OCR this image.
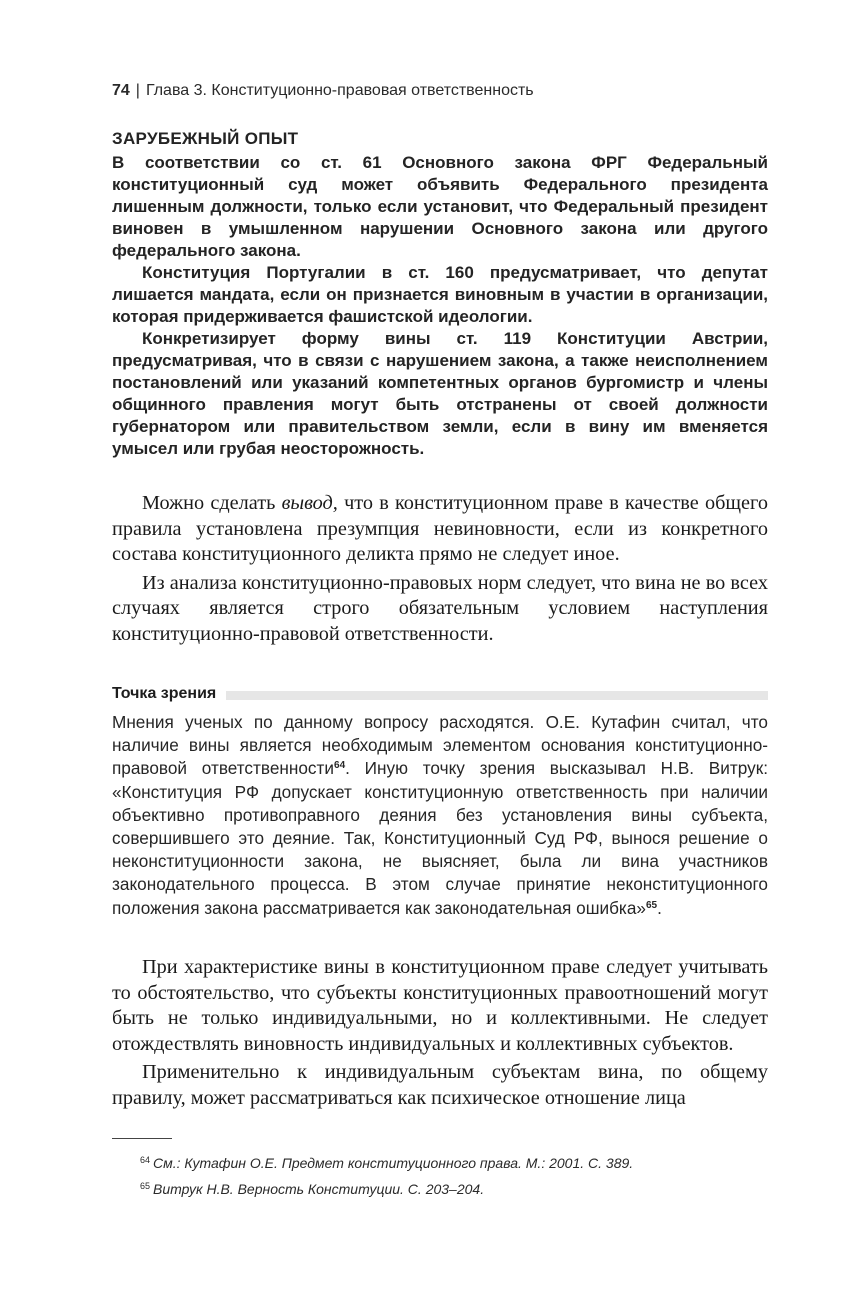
74 | Глава 3. Конституционно-правовая ответственность
ЗАРУБЕЖНЫЙ ОПЫТ

В соответствии со ст. 61 Основного закона ФРГ Федеральный конституционный суд может объявить Федерального президента лишенным должности, только если установит, что Федеральный президент виновен в умышленном нарушении Основного закона или другого федерального закона.

Конституция Португалии в ст. 160 предусматривает, что депутат лишается мандата, если он признается виновным в участии в организации, которая придерживается фашистской идеологии.

Конкретизирует форму вины ст. 119 Конституции Австрии, предусматривая, что в связи с нарушением закона, а также неисполнением постановлений или указаний компетентных органов бургомистр и члены общинного правления могут быть отстранены от своей должности губернатором или правительством земли, если в вину им вменяется умысел или грубая неосторожность.

Можно сделать вывод, что в конституционном праве в качестве общего правила установлена презумпция невиновности, если из конкретного состава конституционного деликта прямо не следует иное.

Из анализа конституционно-правовых норм следует, что вина не во всех случаях является строго обязательным условием наступления конституционно-правовой ответственности.

Точка зрения

Мнения ученых по данному вопросу расходятся. О.Е. Кутафин считал, что наличие вины является необходимым элементом основания конституционно-правовой ответственности$^{64}$. Иную точку зрения высказывал Н.В. Витрук: «Конституция РФ допускает конституционную ответственность при наличии объективно противоправного деяния без установления вины субъекта, совершившего это деяние. Так, Конституционный Суд РФ, вынося решение о неконституционности закона, не выясняет, была ли вина участников законодательного процесса. В этом случае принятие неконституционного положения закона рассматривается как законодательная ошибка»$^{65}$.

При характеристике вины в конституционном праве следует учитывать то обстоятельство, что субъекты конституционных правоотношений могут быть не только индивидуальными, но и коллективными. Не следует отождествлять виновность индивидуальных и коллективных субъектов.

Применительно к индивидуальным субъектам вина, по общему правилу, может рассматриваться как психическое отношение лица

$^{64}$ См.: Кутафин О.Е. Предмет конституционного права. М.: 2001. С. 389.
$^{65}$ Витрук Н.В. Верность Конституции. С. 203–204.
